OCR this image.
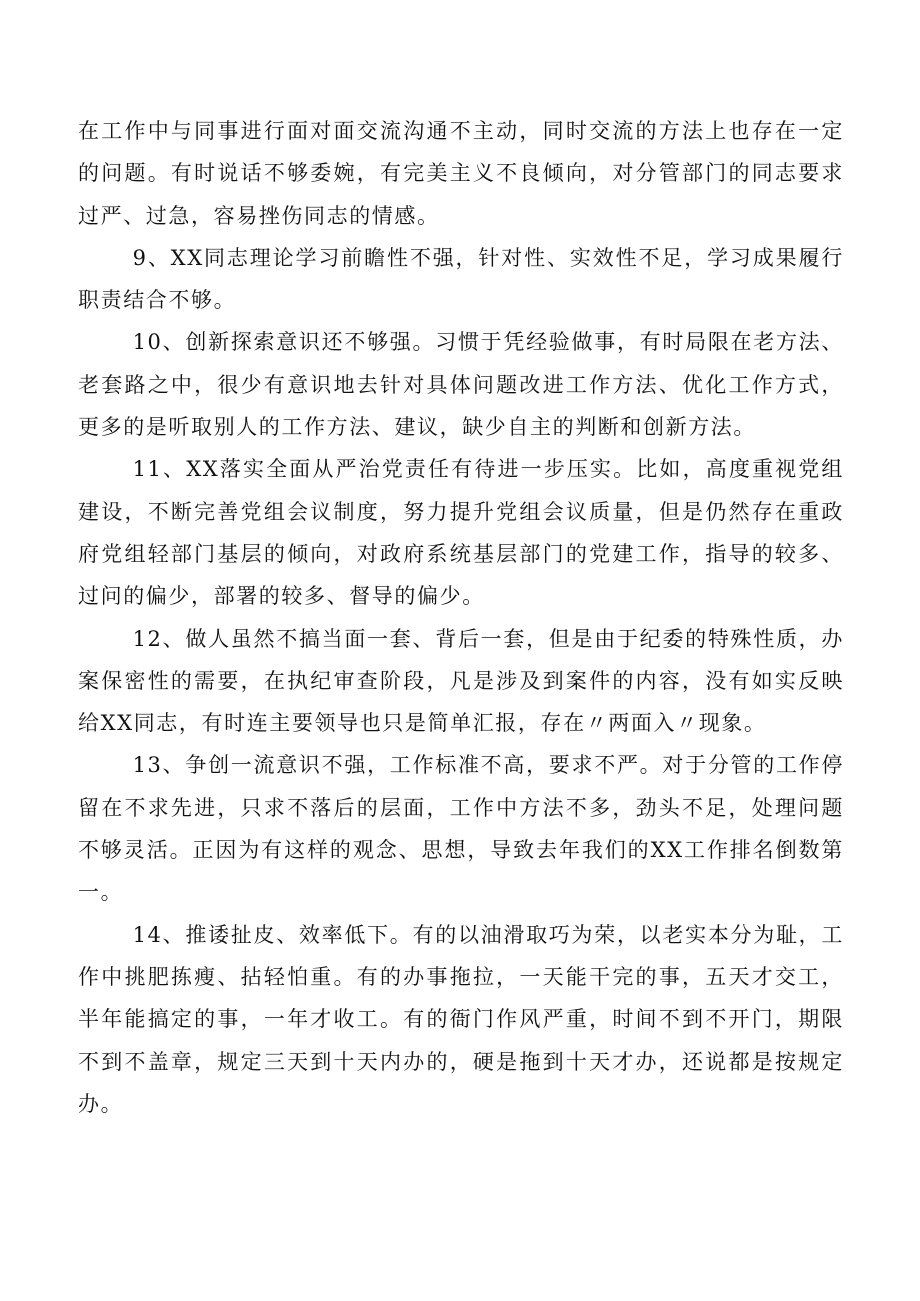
在工作中与同事进行面对面交流沟通不主动，同时交流的方法上也存在一定的问题。有时说话不够委婉，有完美主义不良倾向，对分管部门的同志要求过严、过急，容易挫伤同志的情感。

9、XX同志理论学习前瞻性不强，针对性、实效性不足，学习成果履行职责结合不够。

10、创新探索意识还不够强。习惯于凭经验做事，有时局限在老方法、老套路之中，很少有意识地去针对具体问题改进工作方法、优化工作方式，更多的是听取别人的工作方法、建议，缺少自主的判断和创新方法。

11、XX落实全面从严治党责任有待进一步压实。比如，高度重视党组建设，不断完善党组会议制度，努力提升党组会议质量，但是仍然存在重政府党组轻部门基层的倾向，对政府系统基层部门的党建工作，指导的较多、过问的偏少，部署的较多、督导的偏少。

12、做人虽然不搞当面一套、背后一套，但是由于纪委的特殊性质，办案保密性的需要，在执纪审查阶段，凡是涉及到案件的内容，没有如实反映给XX同志，有时连主要领导也只是简单汇报，存在〃两面入〃现象。

13、争创一流意识不强，工作标准不高，要求不严。对于分管的工作停留在不求先进，只求不落后的层面，工作中方法不多，劲头不足，处理问题不够灵活。正因为有这样的观念、思想，导致去年我们的XX工作排名倒数第一。

14、推诿扯皮、效率低下。有的以油滑取巧为荣，以老实本分为耻，工作中挑肥拣瘦、拈轻怕重。有的办事拖拉，一天能干完的事，五天才交工，半年能搞定的事，一年才收工。有的衙门作风严重，时间不到不开门，期限不到不盖章，规定三天到十天内办的，硬是拖到十天才办，还说都是按规定办。
